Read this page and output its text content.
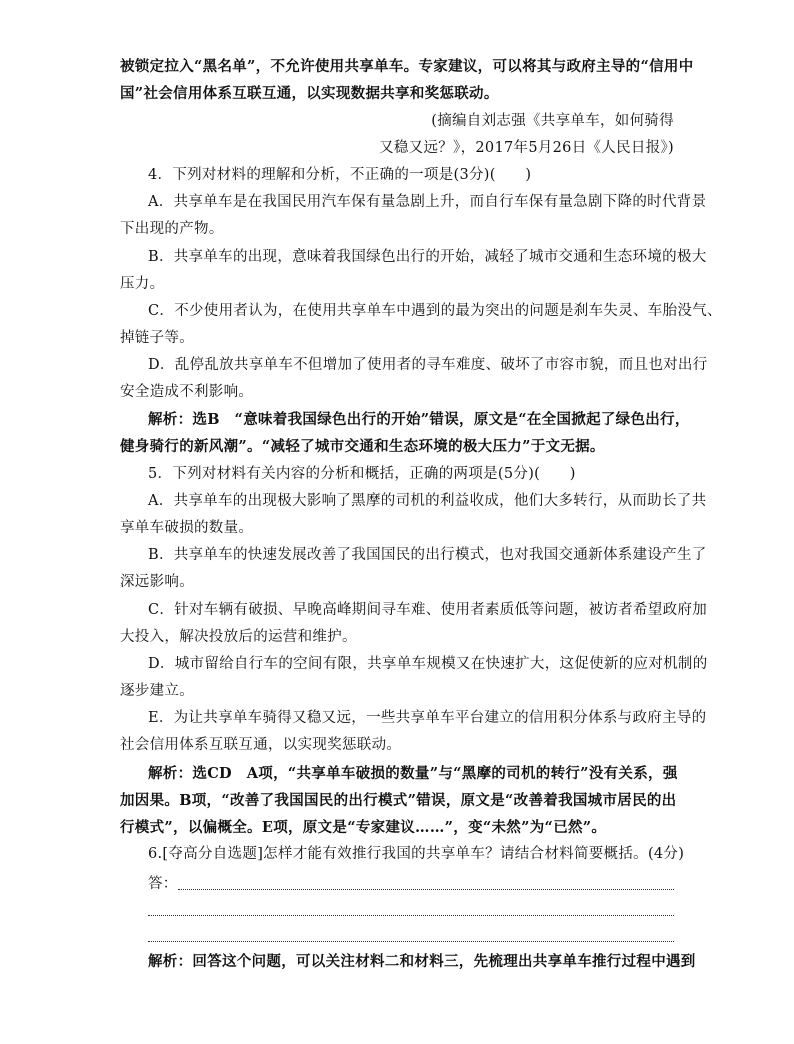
被锁定拉入“黑名单”，不允许使用共享单车。专家建议，可以将其与政府主导的“信用中
国”社会信用体系互联互通，以实现数据共享和奖惩联动。
(摘编自刘志强《共享单车，如何骑得
又稳又远？》，2017年5月26日《人民日报》)
4．下列对材料的理解和分析，不正确的一项是(3分)(　　)
A．共享单车是在我国民用汽车保有量急剧上升，而自行车保有量急剧下降的时代背景
下出现的产物。
B．共享单车的出现，意味着我国绿色出行的开始，减轻了城市交通和生态环境的极大
压力。
C．不少使用者认为，在使用共享单车中遇到的最为突出的问题是刹车失灵、车胎没气、
掉链子等。
D．乱停乱放共享单车不但增加了使用者的寻车难度、破坏了市容市貌，而且也对出行
安全造成不利影响。
解析：选B　“意味着我国绿色出行的开始”错误，原文是“在全国掀起了绿色出行，
健身骑行的新风潮”。“减轻了城市交通和生态环境的极大压力”于文无据。
5．下列对材料有关内容的分析和概括，正确的两项是(5分)(　　)
A．共享单车的出现极大影响了黑摩的司机的利益收成，他们大多转行，从而助长了共
享单车破损的数量。
B．共享单车的快速发展改善了我国国民的出行模式，也对我国交通新体系建设产生了
深远影响。
C．针对车辆有破损、早晚高峰期间寻车难、使用者素质低等问题，被访者希望政府加
大投入，解决投放后的运营和维护。
D．城市留给自行车的空间有限，共享单车规模又在快速扩大，这促使新的应对机制的
逐步建立。
E．为让共享单车骑得又稳又远，一些共享单车平台建立的信用积分体系与政府主导的
社会信用体系互联互通，以实现奖惩联动。
解析：选CD　A项，“共享单车破损的数量”与“黑摩的司机的转行”没有关系，强
加因果。B项，“改善了我国国民的出行模式”错误，原文是“改善着我国城市居民的出
行模式”，以偏概全。E项，原文是“专家建议……”，变“未然”为“已然”。
6.[夺高分自选题]怎样才能有效推行我国的共享单车？请结合材料简要概括。(4分)
答：
解析：回答这个问题，可以关注材料二和材料三，先梳理出共享单车推行过程中遇到
